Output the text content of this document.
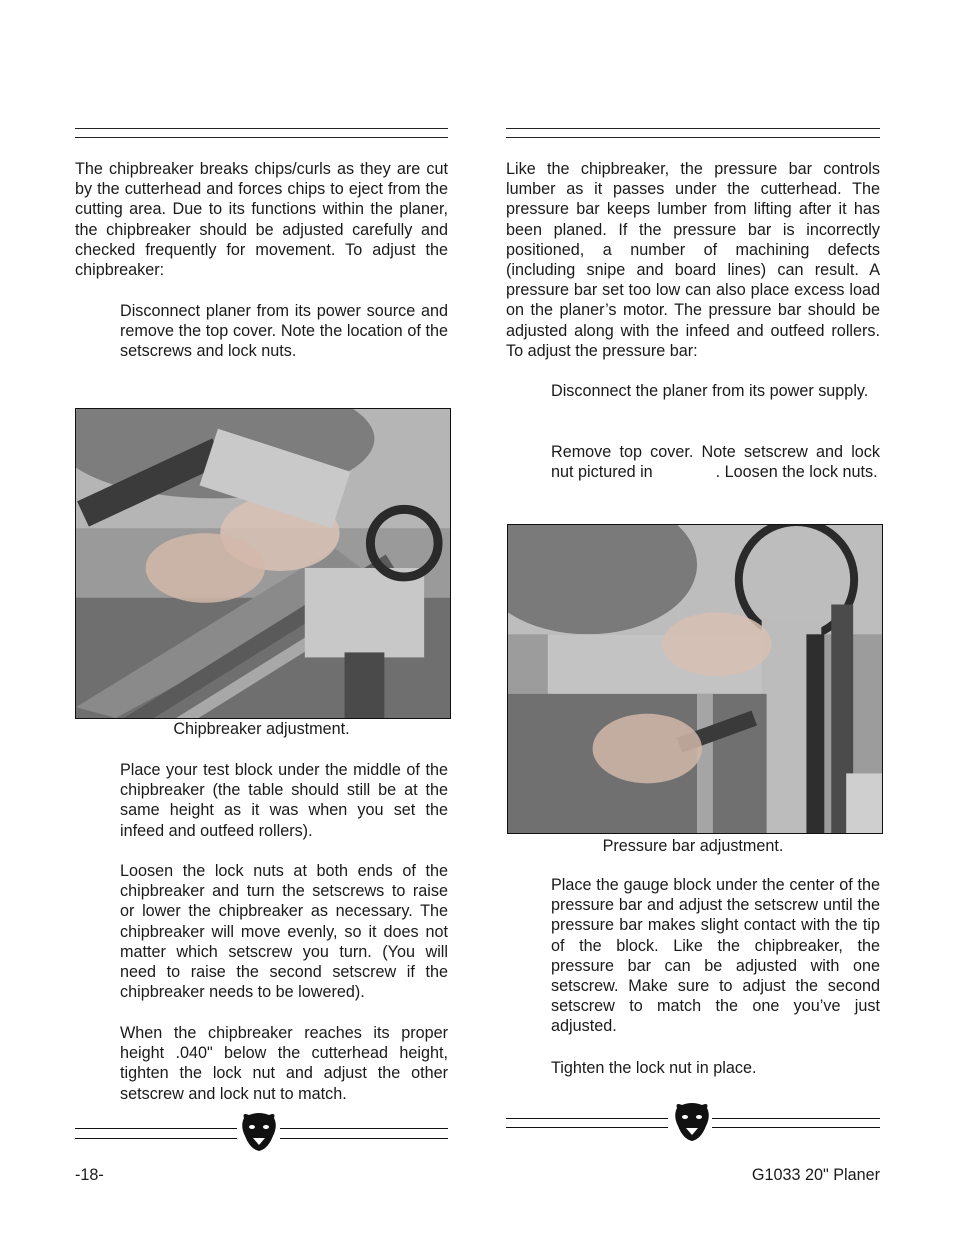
The chipbreaker breaks chips/curls as they are cut by the cutterhead and forces chips to eject from the cutting area. Due to its functions within the planer, the chipbreaker should be adjusted carefully and checked frequently for movement. To adjust the chipbreaker:

Disconnect planer from its power source and remove the top cover. Note the location of the setscrews and lock nuts.

Chipbreaker adjustment.

Place your test block under the middle of the chipbreaker (the table should still be at the same height as it was when you set the infeed and outfeed rollers).

Loosen the lock nuts at both ends of the chipbreaker and turn the setscrews to raise or lower the chipbreaker as necessary. The chipbreaker will move evenly, so it does not matter which setscrew you turn. (You will need to raise the second setscrew if the chipbreaker needs to be lowered).

When the chipbreaker reaches its proper height .040" below the cutterhead height, tighten the lock nut and adjust the other setscrew and lock nut to match.

-18-

Like the chipbreaker, the pressure bar controls lumber as it passes under the cutterhead. The pressure bar keeps lumber from lifting after it has been planed. If the pressure bar is incorrectly positioned, a number of machining defects (including snipe and board lines) can result. A pressure bar set too low can also place excess load on the planer’s motor. The pressure bar should be adjusted along with the infeed and outfeed rollers. To adjust the pressure bar:

Disconnect the planer from its power supply.

Remove top cover. Note setscrew and lock nut pictured in              . Loosen the lock nuts.

Pressure bar adjustment.

Place the gauge block under the center of the pressure bar and adjust the setscrew until the pressure bar makes slight contact with the tip of the block. Like the chipbreaker, the pressure bar can be adjusted with one setscrew. Make sure to adjust the second setscrew to match the one you’ve just adjusted.

Tighten the lock nut in place.

G1033 20" Planer
